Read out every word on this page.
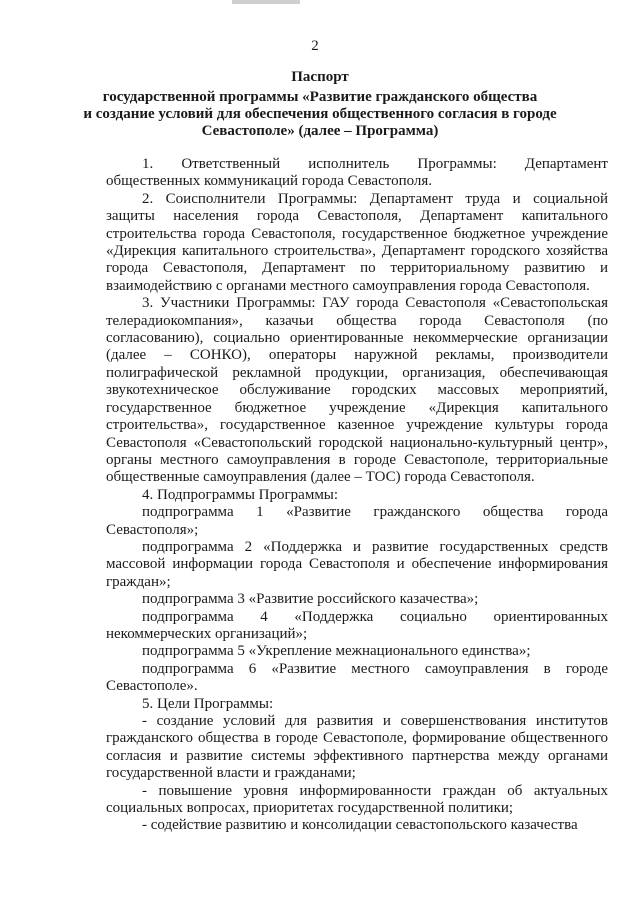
2
Паспорт
государственной программы «Развитие гражданского общества
и создание условий для обеспечения общественного согласия в городе
Севастополе» (далее – Программа)

1. Ответственный исполнитель Программы: Департамент общественных коммуникаций города Севастополя.

2. Соисполнители Программы: Департамент труда и социальной защиты населения города Севастополя, Департамент капитального строительства города Севастополя, государственное бюджетное учреждение «Дирекция капитального строительства», Департамент городского хозяйства города Севастополя, Департамент по территориальному развитию и взаимодействию с органами местного самоуправления города Севастополя.

3. Участники Программы: ГАУ города Севастополя «Севастопольская телерадиокомпания», казачьи общества города Севастополя (по согласованию), социально ориентированные некоммерческие организации (далее – СОНКО), операторы наружной рекламы, производители полиграфической рекламной продукции, организация, обеспечивающая звукотехническое обслуживание городских массовых мероприятий, государственное бюджетное учреждение «Дирекция капитального строительства», государственное казенное учреждение культуры города Севастополя «Севастопольский городской национально-культурный центр», органы местного самоуправления в городе Севастополе, территориальные общественные самоуправления (далее – ТОС) города Севастополя.

4. Подпрограммы Программы:

подпрограмма 1 «Развитие гражданского общества города Севастополя»;

подпрограмма 2 «Поддержка и развитие государственных средств массовой информации города Севастополя и обеспечение информирования граждан»;

подпрограмма 3 «Развитие российского казачества»;

подпрограмма 4 «Поддержка социально ориентированных некоммерческих организаций»;

подпрограмма 5 «Укрепление межнационального единства»;

подпрограмма 6 «Развитие местного самоуправления в городе Севастополе».

5. Цели Программы:

- создание условий для развития и совершенствования институтов гражданского общества в городе Севастополе, формирование общественного согласия и развитие системы эффективного партнерства между органами государственной власти и гражданами;

- повышение уровня информированности граждан об актуальных социальных вопросах, приоритетах государственной политики;

- содействие развитию и консолидации севастопольского казачества
